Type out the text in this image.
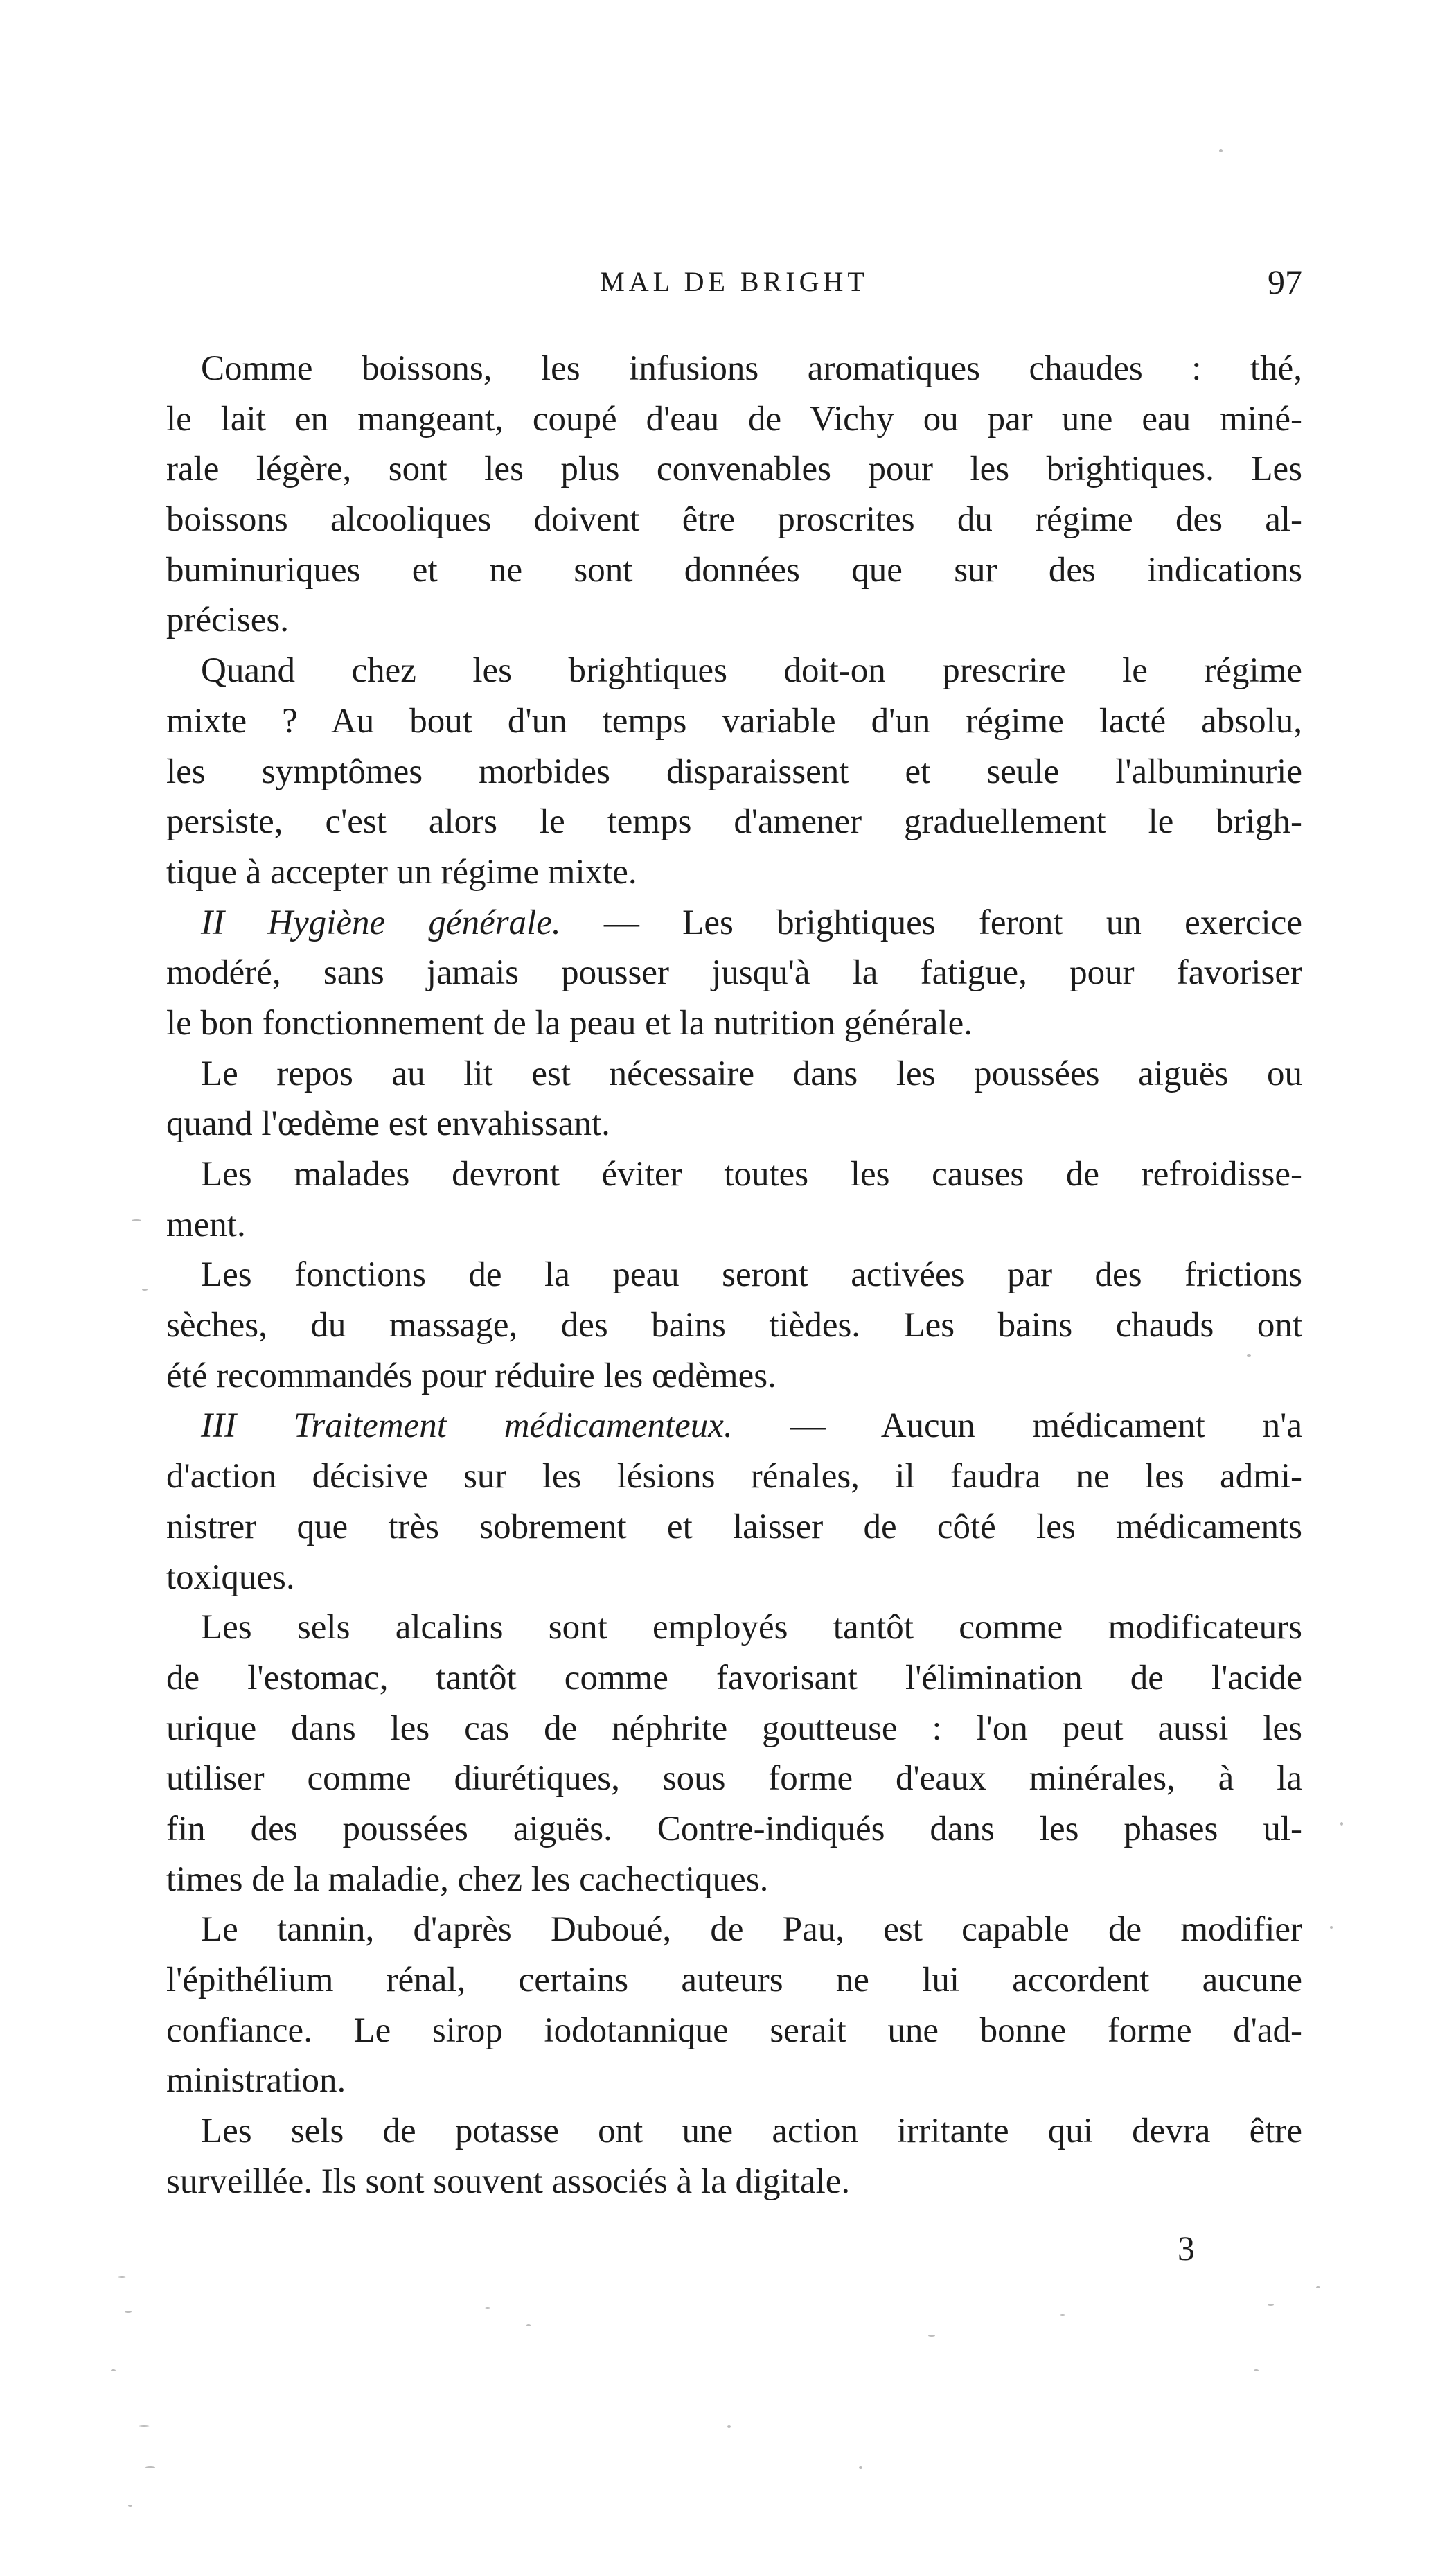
MAL DE BRIGHT	97
Comme boissons, les infusions aromatiques chaudes : thé,
le lait en mangeant, coupé d'eau de Vichy ou par une eau miné-
rale légère, sont les plus convenables pour les brightiques. Les
boissons alcooliques doivent être proscrites du régime des al-
buminuriques et ne sont données que sur des indications
précises.
Quand chez les brightiques doit-on prescrire le régime
mixte ? Au bout d'un temps variable d'un régime lacté absolu,
les symptômes morbides disparaissent et seule l'albuminurie
persiste, c'est alors le temps d'amener graduellement le brigh-
tique à accepter un régime mixte.
II Hygiène générale. — Les brightiques feront un exercice
modéré, sans jamais pousser jusqu'à la fatigue, pour favoriser
le bon fonctionnement de la peau et la nutrition générale.
Le repos au lit est nécessaire dans les poussées aiguës ou
quand l'œdème est envahissant.
Les malades devront éviter toutes les causes de refroidisse-
ment.
Les fonctions de la peau seront activées par des frictions
sèches, du massage, des bains tièdes. Les bains chauds ont
été recommandés pour réduire les œdèmes.
III Traitement médicamenteux. — Aucun médicament n'a
d'action décisive sur les lésions rénales, il faudra ne les admi-
nistrer que très sobrement et laisser de côté les médicaments
toxiques.
Les sels alcalins sont employés tantôt comme modificateurs
de l'estomac, tantôt comme favorisant l'élimination de l'acide
urique dans les cas de néphrite goutteuse : l'on peut aussi les
utiliser comme diurétiques, sous forme d'eaux minérales, à la
fin des poussées aiguës. Contre-indiqués dans les phases ul-
times de la maladie, chez les cachectiques.
Le tannin, d'après Duboué, de Pau, est capable de modifier
l'épithélium rénal, certains auteurs ne lui accordent aucune
confiance. Le sirop iodotannique serait une bonne forme d'ad-
ministration.
Les sels de potasse ont une action irritante qui devra être
surveillée. Ils sont souvent associés à la digitale.
3
